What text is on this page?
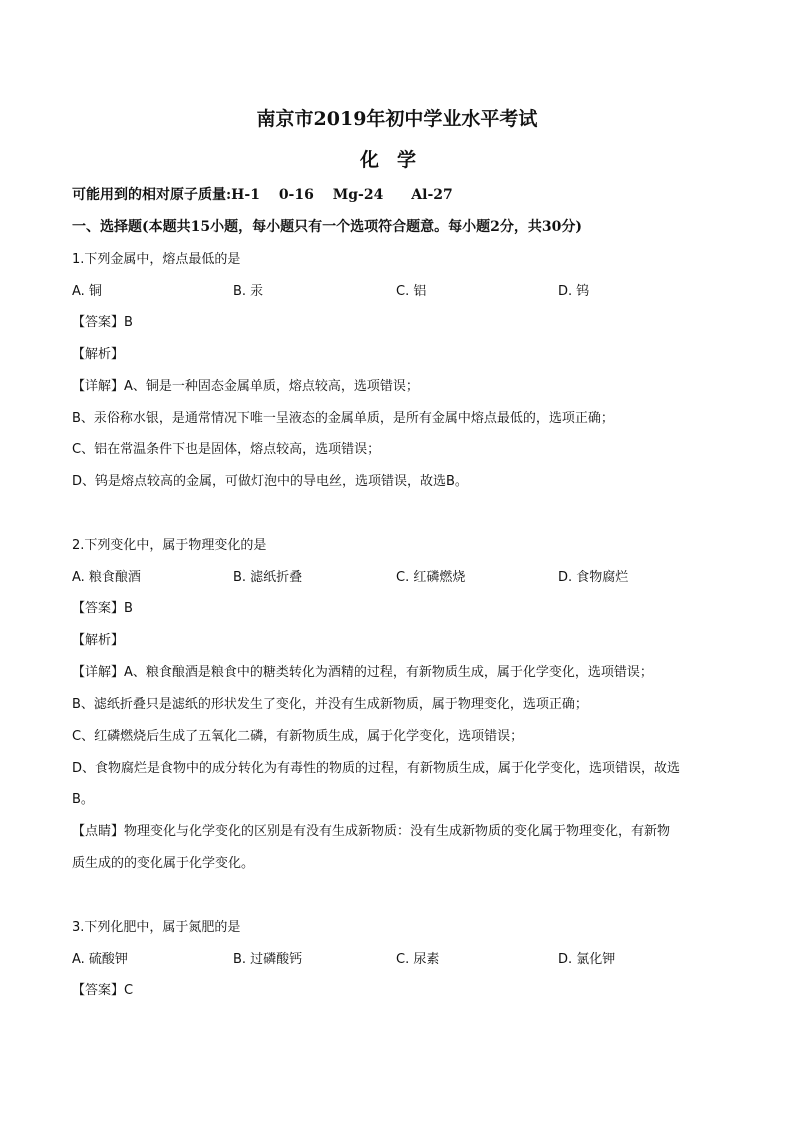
南京市2019年初中学业水平考试
化学
可能用到的相对原子质量:H-1　 0-16　 Mg-24　　Al-27
一、选择题(本题共15小题，每小题只有一个选项符合题意。每小题2分，共30分)
1.下列金属中，熔点最低的是
A. 铜	B. 汞	C. 铝	D. 钨
【答案】B
【解析】
【详解】A、铜是一种固态金属单质，熔点较高，选项错误；
B、汞俗称水银，是通常情况下唯一呈液态的金属单质，是所有金属中熔点最低的，选项正确；
C、铝在常温条件下也是固体，熔点较高，选项错误；
D、钨是熔点较高的金属，可做灯泡中的导电丝，选项错误，故选B。
2.下列变化中，属于物理变化的是
A. 粮食酿酒	B. 滤纸折叠	C. 红磷燃烧	D. 食物腐烂
【答案】B
【解析】
【详解】A、粮食酿酒是粮食中的糖类转化为酒精的过程，有新物质生成，属于化学变化，选项错误；
B、滤纸折叠只是滤纸的形状发生了变化，并没有生成新物质，属于物理变化，选项正确；
C、红磷燃烧后生成了五氧化二磷，有新物质生成，属于化学变化，选项错误；
D、食物腐烂是食物中的成分转化为有毒性的物质的过程，有新物质生成，属于化学变化，选项错误，故选
B。
【点睛】物理变化与化学变化的区别是有没有生成新物质：没有生成新物质的变化属于物理变化，有新物
质生成的的变化属于化学变化。
3.下列化肥中，属于氮肥的是
A. 硫酸钾	B. 过磷酸钙	C. 尿素	D. 氯化钾
【答案】C
